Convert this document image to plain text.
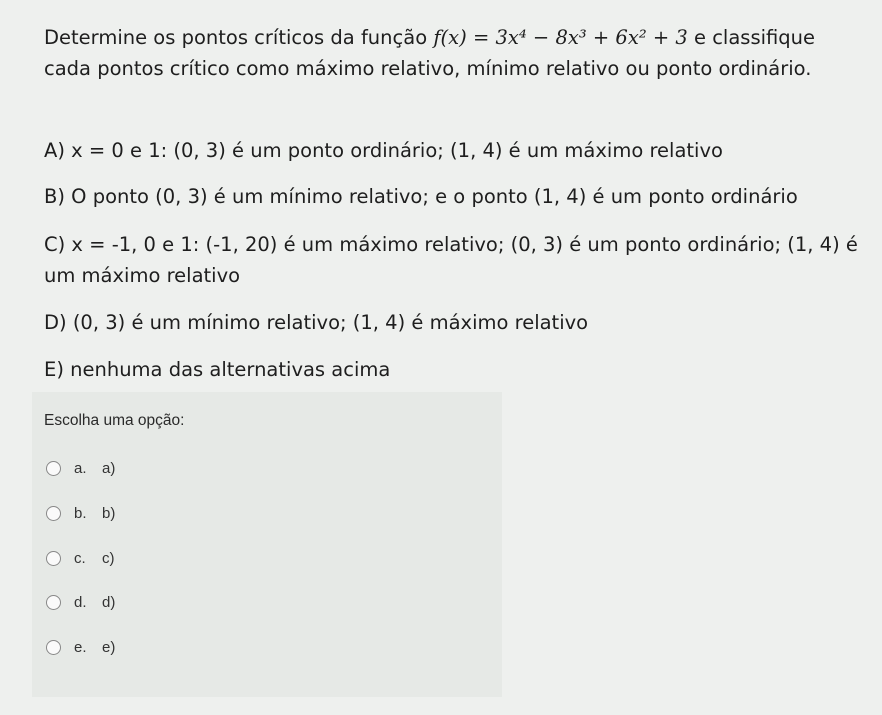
Determine os pontos críticos da função f(x) = 3x⁴ − 8x³ + 6x² + 3 e classifique cada pontos crítico como máximo relativo, mínimo relativo ou ponto ordinário.
A) x = 0 e 1: (0, 3) é um ponto ordinário; (1, 4) é um máximo relativo
B) O ponto (0, 3) é um mínimo relativo; e o ponto (1, 4) é um ponto ordinário
C) x = -1, 0 e 1: (-1, 20) é um máximo relativo; (0, 3) é um ponto ordinário; (1, 4) é um máximo relativo
D) (0, 3) é um mínimo relativo; (1, 4) é máximo relativo
E) nenhuma das alternativas acima
Escolha uma opção:
a.	a)
b.	b)
c.	c)
d.	d)
e.	e)
